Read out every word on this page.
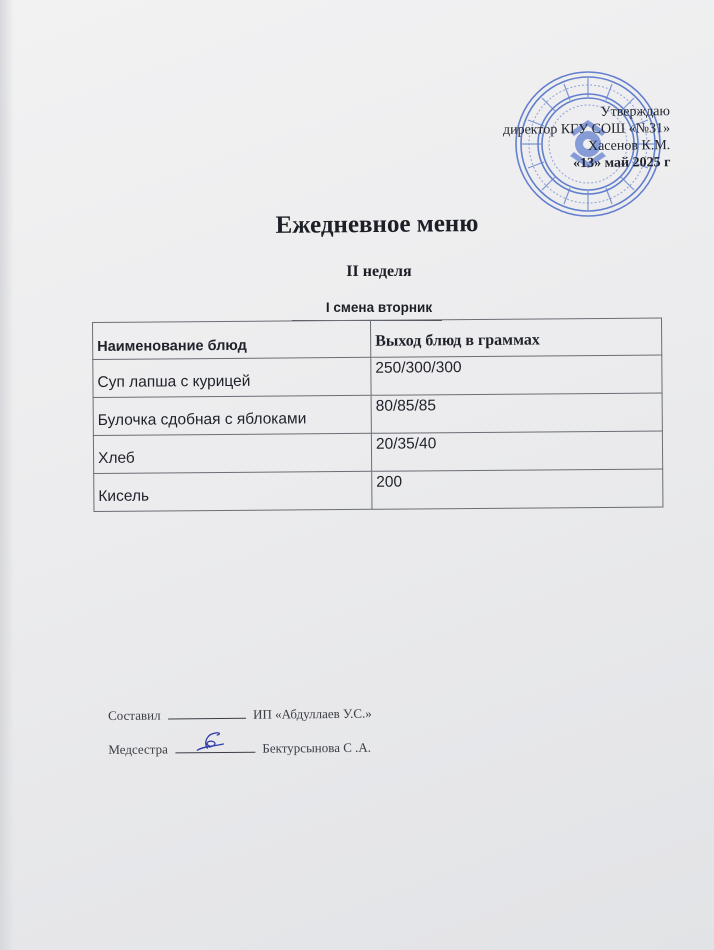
Утверждаю
директор КГУ СОШ «№31»
Хасенов К.М.
«13» май 2025 г
Ежедневное меню
II неделя
I смена вторник
Наименование блюд	Выход блюд в граммах
Суп лапша с курицей	250/300/300
Булочка сдобная с яблоками	80/85/85
Хлеб	20/35/40
Кисель	200
Составил	ИП «Абдуллаев У.С.»
Медсестра	Бектурсынова С .А.
